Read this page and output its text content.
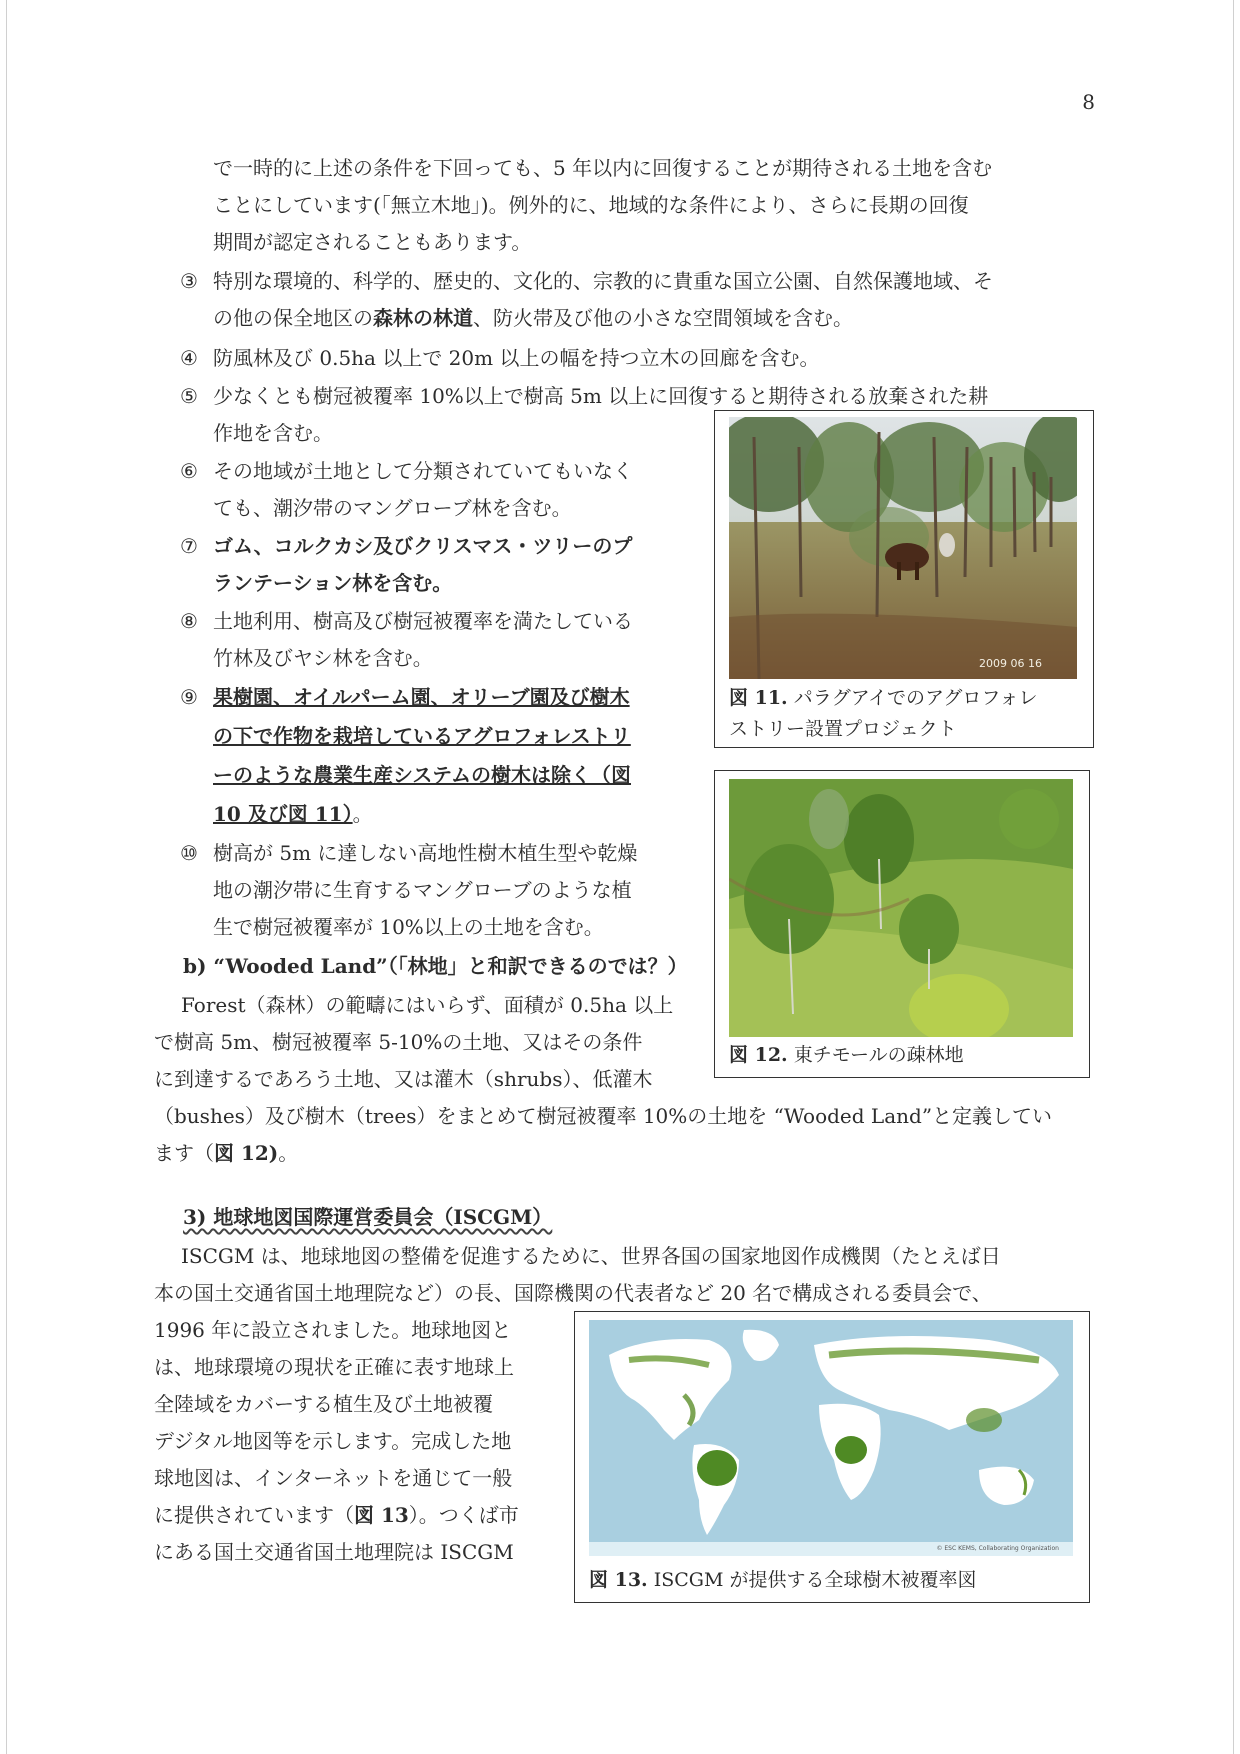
8
で一時的に上述の条件を下回っても、5 年以内に回復することが期待される土地を含む
ことにしています(「無立木地」)。例外的に、地域的な条件により、さらに長期の回復
期間が認定されることもあります。
③ 特別な環境的、科学的、歴史的、文化的、宗教的に貴重な国立公園、自然保護地域、そ
の他の保全地区の森林の林道、防火帯及び他の小さな空間領域を含む。
④ 防風林及び 0.5ha 以上で 20m 以上の幅を持つ立木の回廊を含む。
⑤ 少なくとも樹冠被覆率 10%以上で樹高 5m 以上に回復すると期待される放棄された耕
作地を含む。
⑥ その地域が土地として分類されていてもいなく
ても、潮汐帯のマングローブ林を含む。
⑦ ゴム、コルクカシ及びクリスマス・ツリーのプ
ランテーション林を含む。
⑧ 土地利用、樹高及び樹冠被覆率を満たしている
竹林及びヤシ林を含む。
⑨ 果樹園、オイルパーム園、オリーブ園及び樹木
の下で作物を栽培しているアグロフォレストリ
ーのような農業生産システムの樹木は除く（図
10 及び図 11）。
⑩ 樹高が 5m に達しない高地性樹木植生型や乾燥
地の潮汐帯に生育するマングローブのような植
生で樹冠被覆率が 10%以上の土地を含む。
b) “Wooded Land”（「林地」と和訳できるのでは？）
Forest（森林）の範疇にはいらず、面積が 0.5ha 以上
で樹高 5m、樹冠被覆率 5-10%の土地、又はその条件
に到達するであろう土地、又は灌木（shrubs）、低灌木
（bushes）及び樹木（trees）をまとめて樹冠被覆率 10%の土地を “Wooded Land”と定義してい
ます（図 12)。
3) 地球地図国際運営委員会（ISCGM）
ISCGM は、地球地図の整備を促進するために、世界各国の国家地図作成機関（たとえば日
本の国土交通省国土地理院など）の長、国際機関の代表者など 20 名で構成される委員会で、
1996 年に設立されました。地球地図と
は、地球環境の現状を正確に表す地球上
全陸域をカバーする植生及び土地被覆
デジタル地図等を示します。完成した地
球地図は、インターネットを通じて一般
に提供されています（図 13）。つくば市
にある国土交通省国土地理院は ISCGM
2009 06 16
図 11. パラグアイでのアグロフォレ
ストリー設置プロジェクト
図 12. 東チモールの疎林地
© ESC KEMS, Collaborating Organization
図 13. ISCGM が提供する全球樹木被覆率図
